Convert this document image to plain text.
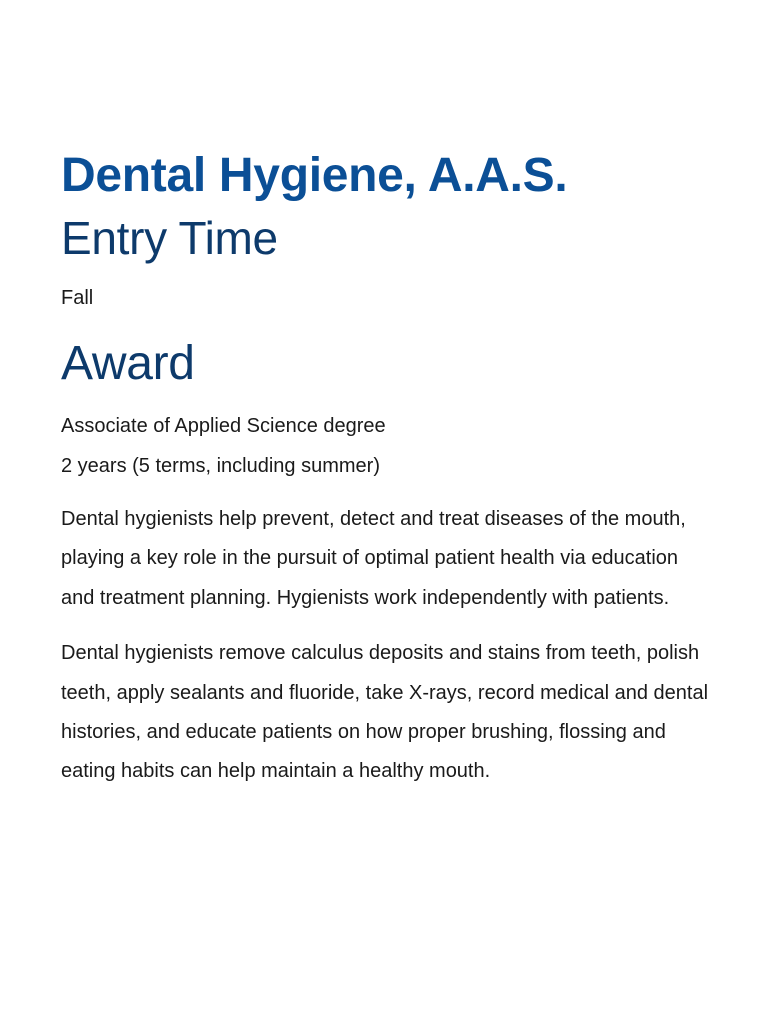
Dental Hygiene, A.A.S.
Entry Time

Fall

Award

Associate of Applied Science degree

2 years (5 terms, including summer)

Dental hygienists help prevent, detect and treat diseases of the mouth, playing a key role in the pursuit of optimal patient health via education and treatment planning. Hygienists work independently with patients.

Dental hygienists remove calculus deposits and stains from teeth, polish teeth, apply sealants and fluoride, take X-rays, record medical and dental histories, and educate patients on how proper brushing, flossing and eating habits can help maintain a healthy mouth.
